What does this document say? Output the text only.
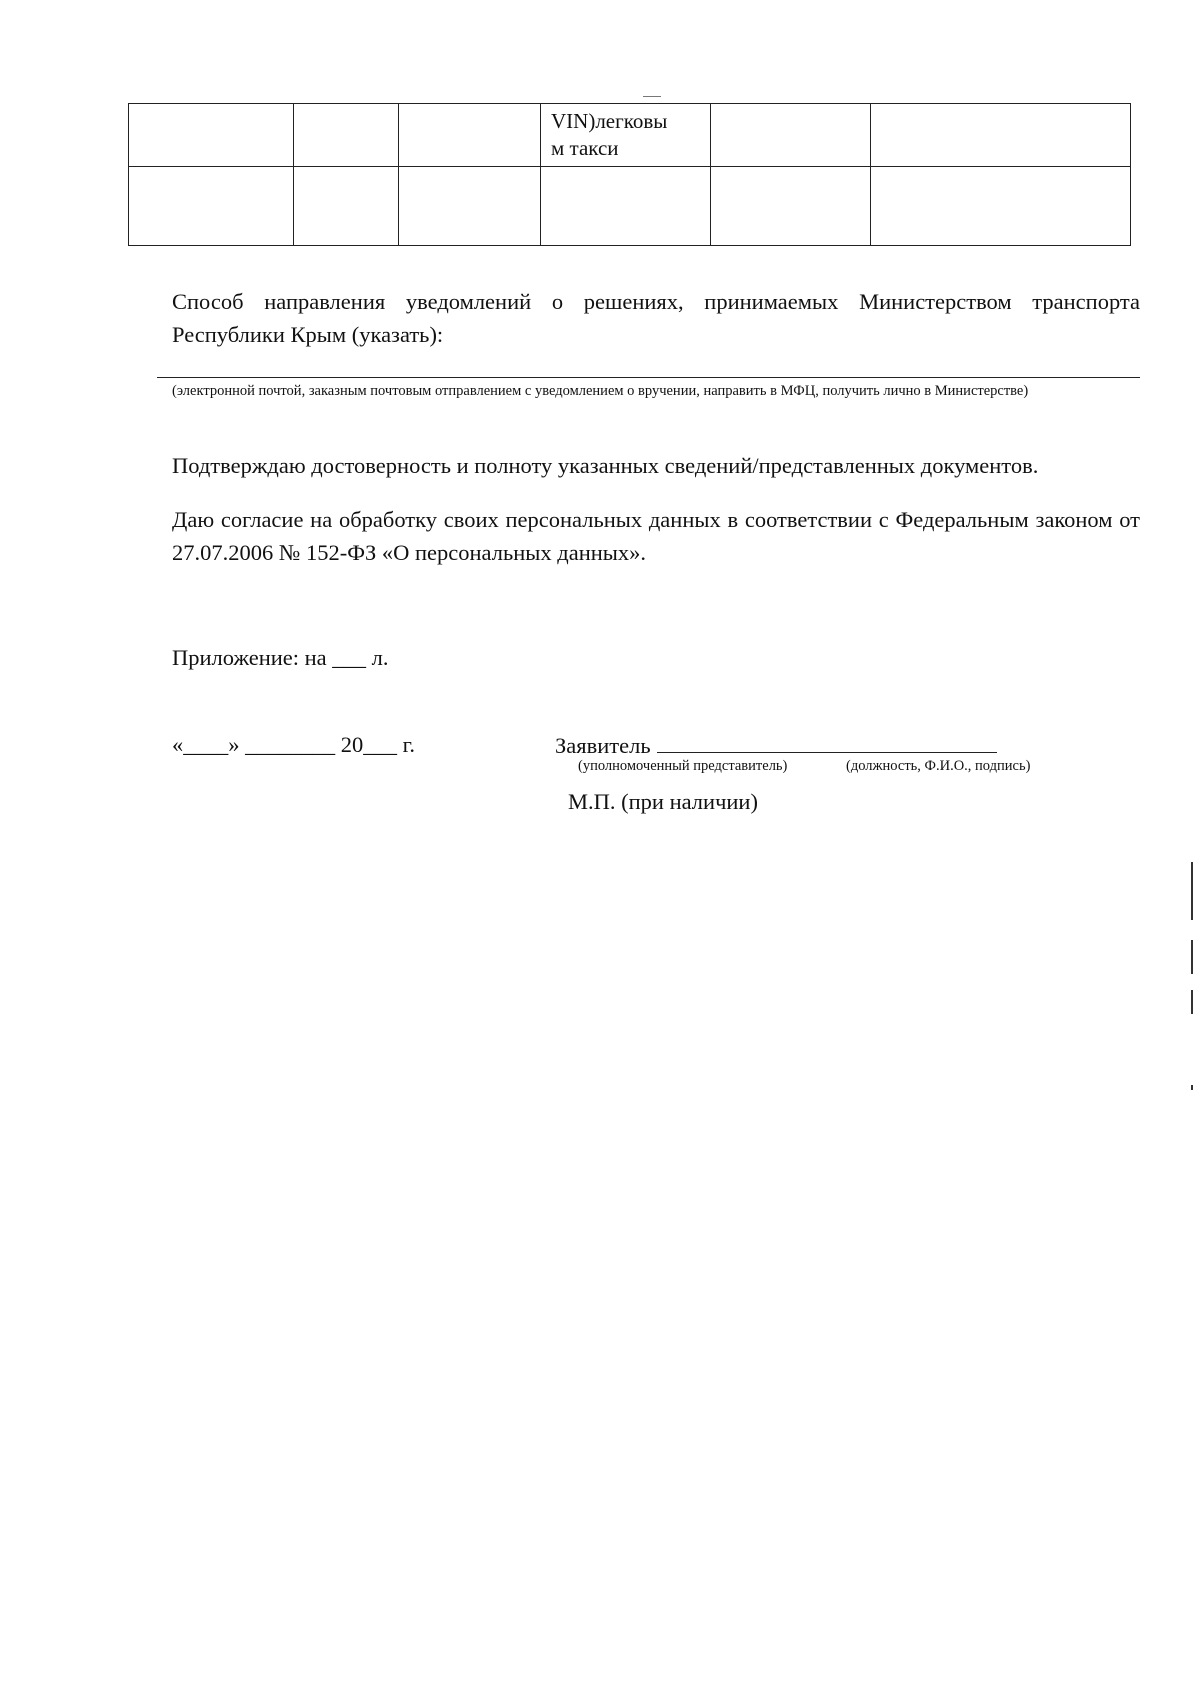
			VIN)легковы
м такси		

Способ направления уведомлений о решениях, принимаемых Министерством транспорта Республики Крым (указать):

(электронной почтой, заказным почтовым отправлением с уведомлением о вручении, направить в МФЦ, получить лично в Министерстве)

Подтверждаю достоверность и полноту указанных сведений/представленных документов.

Даю согласие на обработку своих персональных данных в соответствии с Федеральным законом от 27.07.2006 № 152-ФЗ «О персональных данных».

Приложение: на ___ л.
«____» ________ 20___ г.	Заявитель
(уполномоченный представитель)	(должность, Ф.И.О., подпись)
М.П. (при наличии)
